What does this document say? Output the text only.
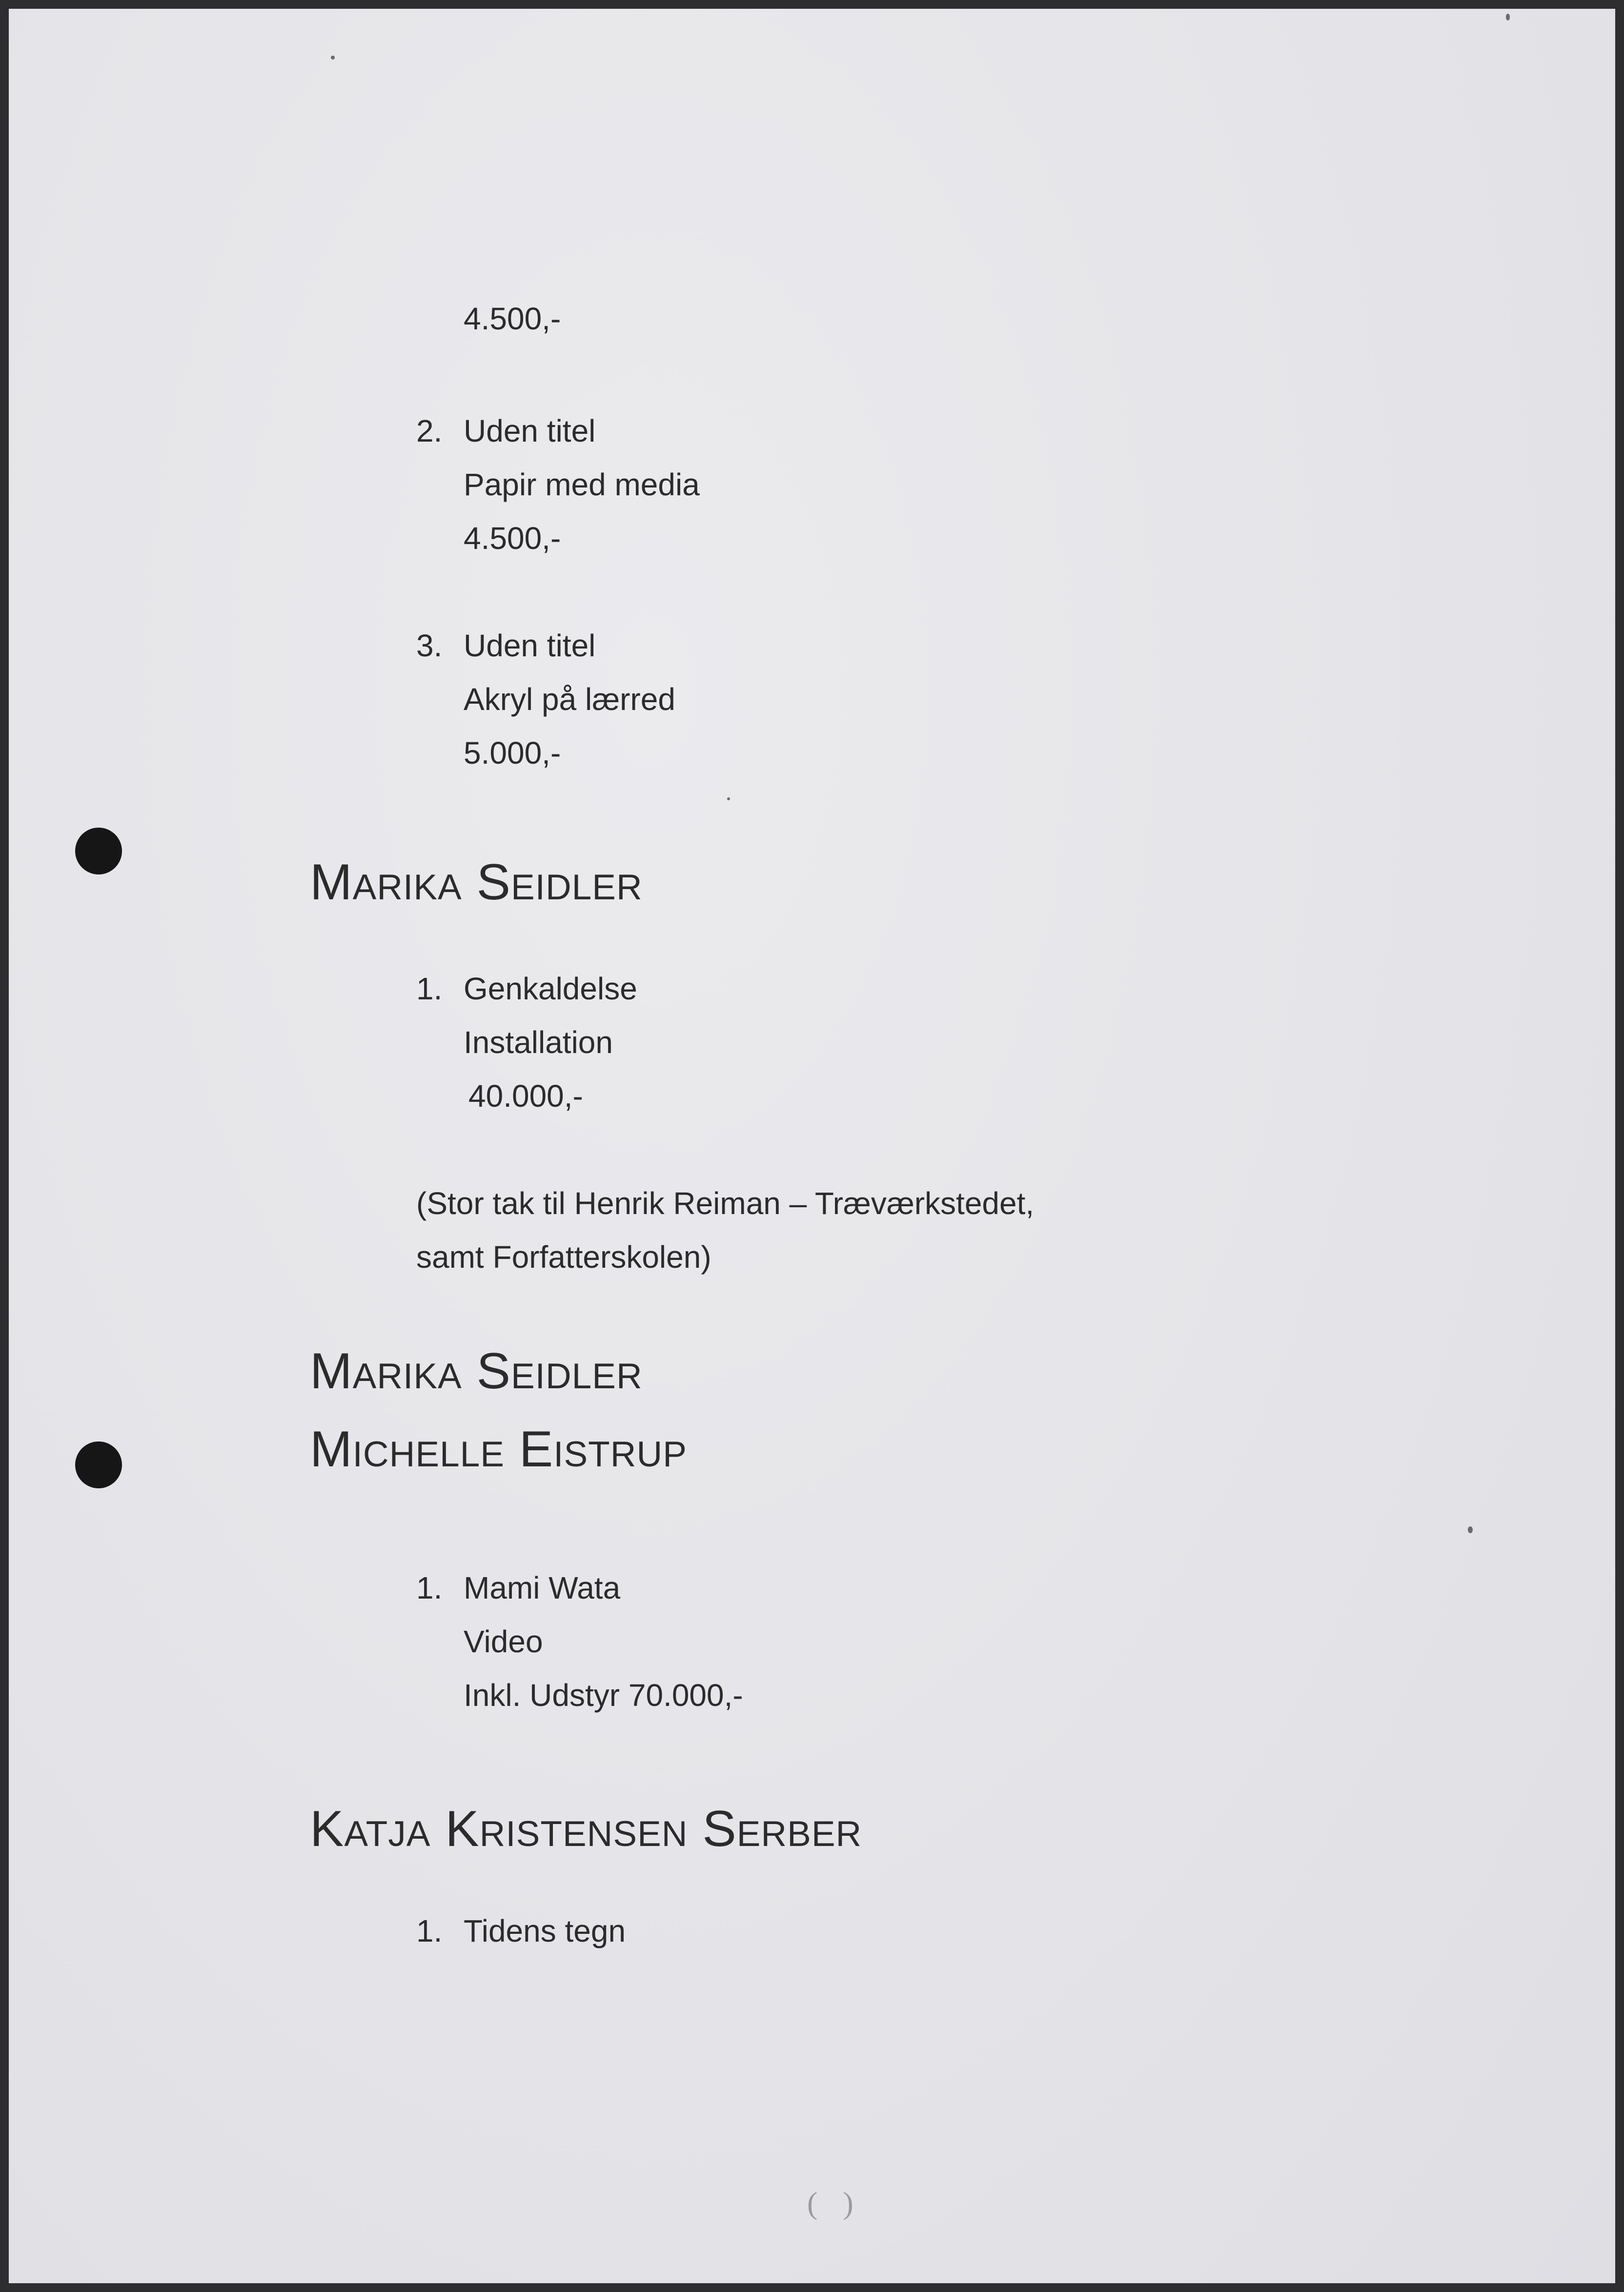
4.500,-
2. Uden titel
Papir med media
4.500,-
3. Uden titel
Akryl på lærred
5.000,-
Marika Seidler
1. Genkaldelse
Installation
40.000,-
(Stor tak til Henrik Reiman – Træværkstedet,
samt Forfatterskolen)
Marika Seidler
Michelle Eistrup
1. Mami Wata
Video
Inkl. Udstyr 70.000,-
Katja Kristensen Serber
1. Tidens tegn
( )
